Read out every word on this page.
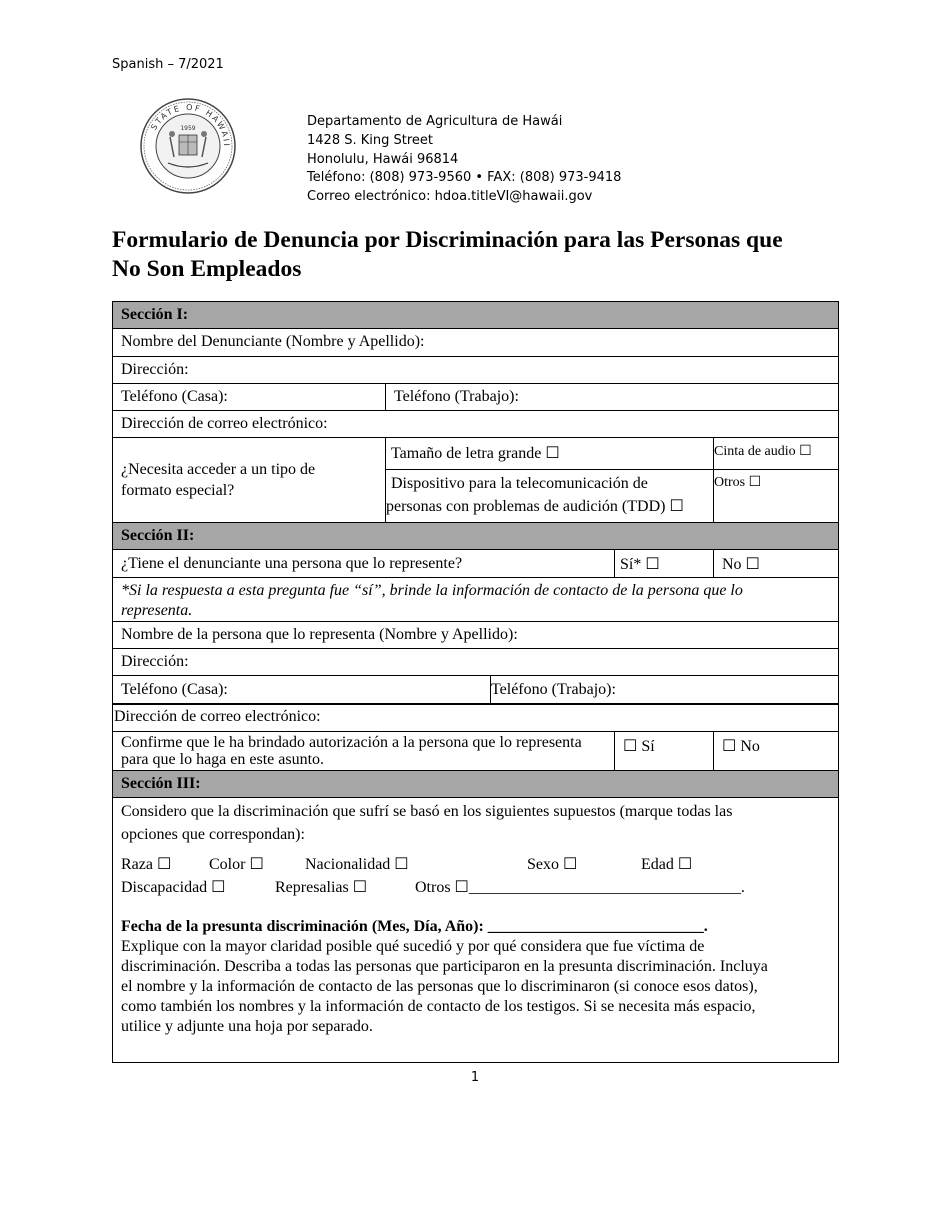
Spanish – 7/2021
STATE OF HAWAII
1959	Departamento de Agricultura de Hawái
1428 S. King Street
Honolulu, Hawái 96814
Teléfono: (808) 973-9560 • FAX: (808) 973-9418
Correo electrónico: hdoa.titleVI@hawaii.gov
Formulario de Denuncia por Discriminación para las Personas que
No Son Empleados
Sección I:
Nombre del Denunciante (Nombre y Apellido):
Dirección:
Teléfono (Casa):	Teléfono (Trabajo):
Dirección de correo electrónico:
¿Necesita acceder a un tipo de
formato especial?
Tamaño de letra grande ☐	Cinta de audio ☐
Dispositivo para la telecomunicación de
personas con problemas de audición (TDD) ☐
Otros ☐
Sección II:
¿Tiene el denunciante una persona que lo represente?	Sí* ☐	No ☐
*Si la respuesta a esta pregunta fue “sí”, brinde la información de contacto de la persona que lo
representa.
Nombre de la persona que lo representa (Nombre y Apellido):
Dirección:
Teléfono (Casa):	Teléfono (Trabajo):
Dirección de correo electrónico:
Confirme que le ha brindado autorización a la persona que lo representa
para que lo haga en este asunto.
☐ Sí	☐ No
Sección III:
Considero que la discriminación que sufrí se basó en los siguientes supuestos (marque todas las
opciones que correspondan):
Raza ☐ Color ☐	Nacionalidad ☐	Sexo ☐	Edad ☐
Discapacidad ☐	Represalias ☐	Otros ☐__________________________________.
Fecha de la presunta discriminación (Mes, Día, Año): ___________________________.
Explique con la mayor claridad posible qué sucedió y por qué considera que fue víctima de
discriminación. Describa a todas las personas que participaron en la presunta discriminación. Incluya
el nombre y la información de contacto de las personas que lo discriminaron (si conoce esos datos),
como también los nombres y la información de contacto de los testigos. Si se necesita más espacio,
utilice y adjunte una hoja por separado.
1
